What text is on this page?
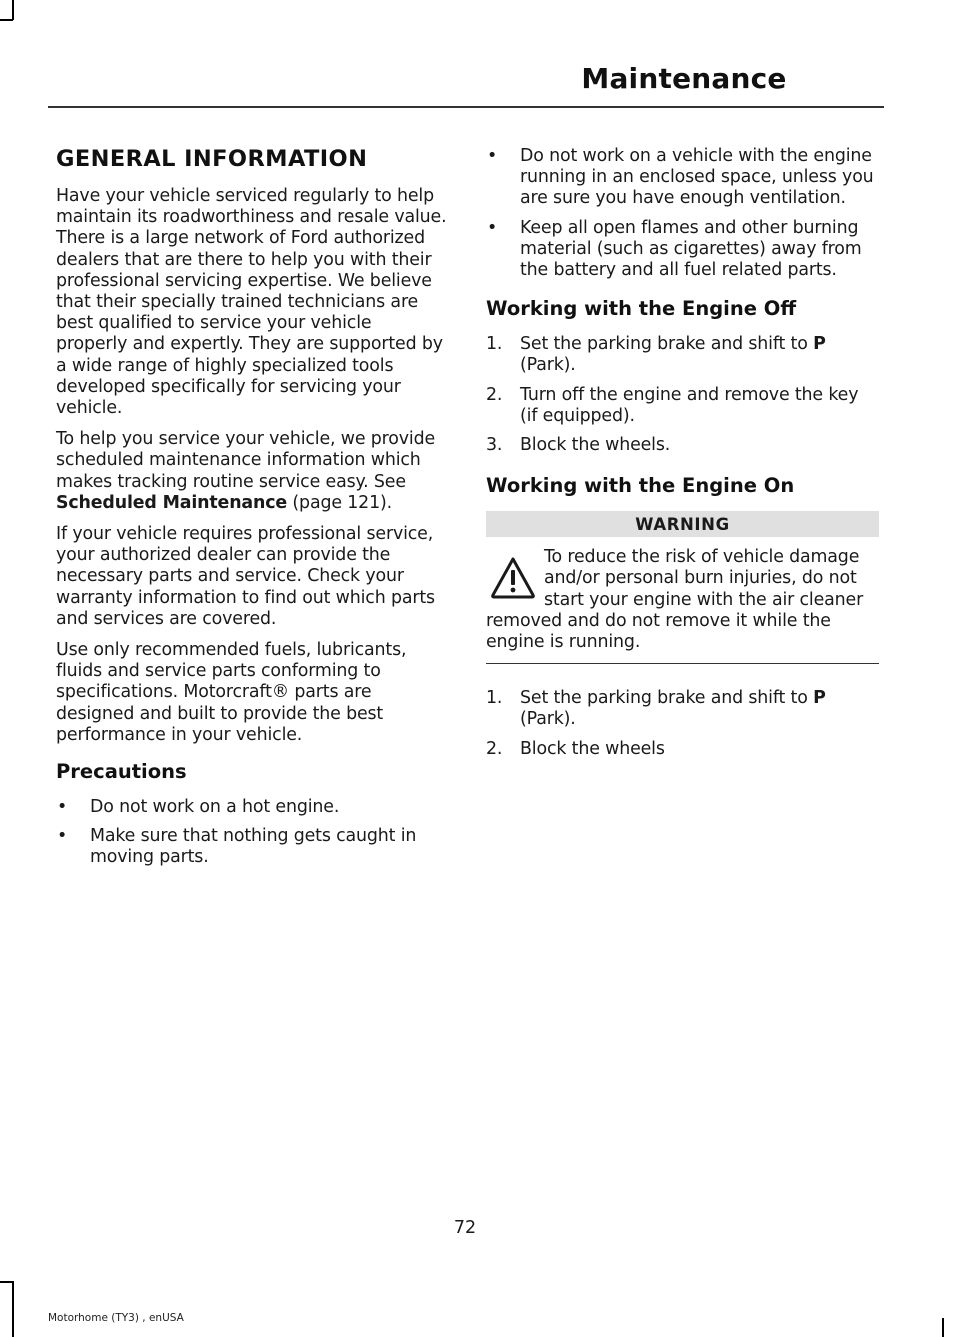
Maintenance
GENERAL INFORMATION

Have your vehicle serviced regularly to help maintain its roadworthiness and resale value. There is a large network of Ford authorized dealers that are there to help you with their professional servicing expertise. We believe that their specially trained technicians are best qualified to service your vehicle properly and expertly. They are supported by a wide range of highly specialized tools developed specifically for servicing your vehicle.

To help you service your vehicle, we provide scheduled maintenance information which makes tracking routine service easy. See Scheduled Maintenance (page 121).

If your vehicle requires professional service, your authorized dealer can provide the necessary parts and service. Check your warranty information to find out which parts and services are covered.

Use only recommended fuels, lubricants, fluids and service parts conforming to specifications. Motorcraft® parts are designed and built to provide the best performance in your vehicle.

Precautions
• Do not work on a hot engine.
• Make sure that nothing gets caught in moving parts.
• Do not work on a vehicle with the engine running in an enclosed space, unless you are sure you have enough ventilation.
• Keep all open flames and other burning material (such as cigarettes) away from the battery and all fuel related parts.
Working with the Engine Off
1. Set the parking brake and shift to P (Park).
2. Turn off the engine and remove the key (if equipped).
3. Block the wheels.
Working with the Engine On
WARNING
To reduce the risk of vehicle damage and/or personal burn injuries, do not start your engine with the air cleaner removed and do not remove it while the engine is running.
1. Set the parking brake and shift to P (Park).
2. Block the wheels
72
Motorhome (TY3) , enUSA
